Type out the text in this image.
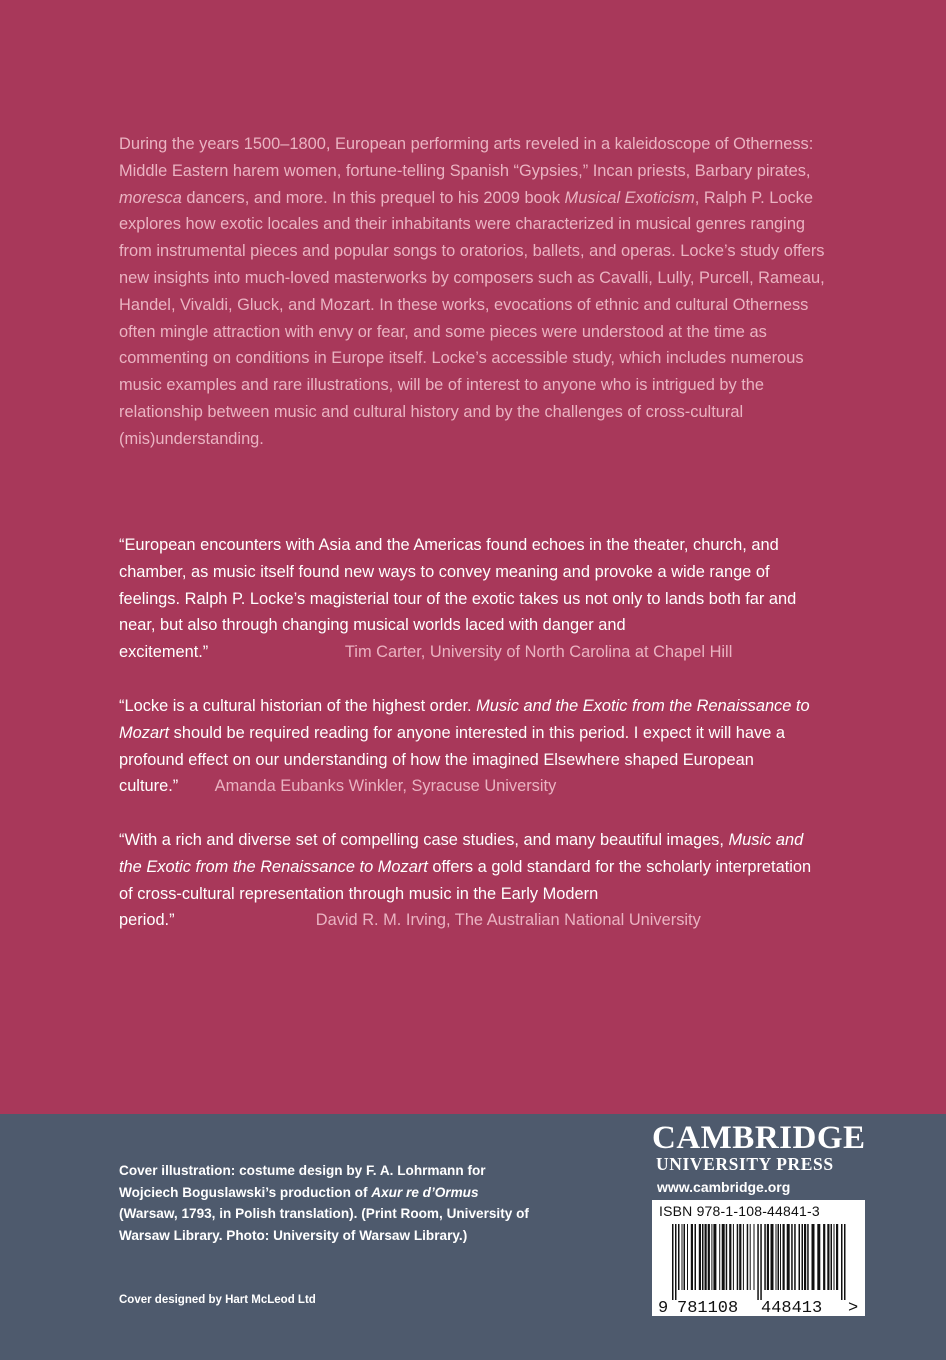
During the years 1500–1800, European performing arts reveled in a kaleidoscope of Otherness: Middle Eastern harem women, fortune-telling Spanish “Gypsies,” Incan priests, Barbary pirates, moresca dancers, and more. In this prequel to his 2009 book Musical Exoticism, Ralph P. Locke explores how exotic locales and their inhabitants were characterized in musical genres ranging from instrumental pieces and popular songs to oratorios, ballets, and operas. Locke’s study offers new insights into much-loved masterworks by composers such as Cavalli, Lully, Purcell, Rameau, Handel, Vivaldi, Gluck, and Mozart. In these works, evocations of ethnic and cultural Otherness often mingle attraction with envy or fear, and some pieces were understood at the time as commenting on conditions in Europe itself. Locke’s accessible study, which includes numerous music examples and rare illustrations, will be of interest to anyone who is intrigued by the relationship between music and cultural history and by the challenges of cross-cultural (mis)understanding.

“European encounters with Asia and the Americas found echoes in the theater, church, and chamber, as music itself found new ways to convey meaning and provoke a wide range of feelings. Ralph P. Locke’s magisterial tour of the exotic takes us not only to lands both far and near, but also through changing musical worlds laced with danger and excitement.”	Tim Carter, University of North Carolina at Chapel Hill

“Locke is a cultural historian of the highest order. Music and the Exotic from the Renaissance to Mozart should be required reading for anyone interested in this period. I expect it will have a profound effect on our understanding of how the imagined Elsewhere shaped European culture.” Amanda Eubanks Winkler, Syracuse University

“With a rich and diverse set of compelling case studies, and many beautiful images, Music and the Exotic from the Renaissance to Mozart offers a gold standard for the scholarly interpretation of cross-cultural representation through music in the Early Modern period.”	David R. M. Irving, The Australian National University

Cover illustration: costume design by F. A. Lohrmann for Wojciech Boguslawski’s production of Axur re d’Ormus (Warsaw, 1793, in Polish translation). (Print Room, University of Warsaw Library. Photo: University of Warsaw Library.)

Cover designed by Hart McLeod Ltd

CAMBRIDGE

UNIVERSITY PRESS

www.cambridge.org

ISBN 978-1-108-44841-3

9 781108 448413 >
